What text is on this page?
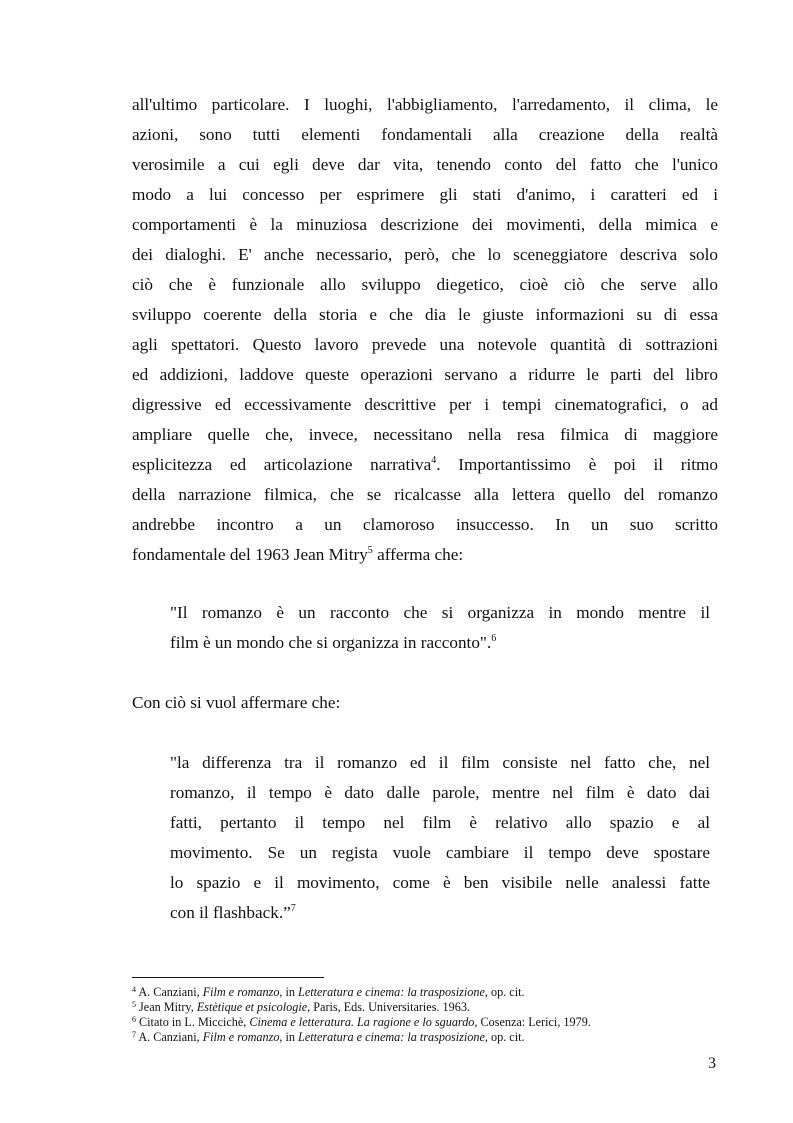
all'ultimo particolare. I luoghi, l'abbigliamento, l'arredamento, il clima, le
azioni, sono tutti elementi fondamentali alla creazione della realtà
verosimile a cui egli deve dar vita, tenendo conto del fatto che l'unico
modo a lui concesso per esprimere gli stati d'animo, i caratteri ed i
comportamenti è la minuziosa descrizione dei movimenti, della mimica e
dei dialoghi. E' anche necessario, però, che lo sceneggiatore descriva solo
ciò che è funzionale allo sviluppo diegetico, cioè ciò che serve allo
sviluppo coerente della storia e che dia le giuste informazioni su di essa
agli spettatori. Questo lavoro prevede una notevole quantità di sottrazioni
ed addizioni, laddove queste operazioni servano a ridurre le parti del libro
digressive ed eccessivamente descrittive per i tempi cinematografici, o ad
ampliare quelle che, invece, necessitano nella resa filmica di maggiore
esplicitezza ed articolazione narrativa$^4$. Importantissimo è poi il ritmo
della narrazione filmica, che se ricalcasse alla lettera quello del romanzo
andrebbe incontro a un clamoroso insuccesso. In un suo scritto
fondamentale del 1963 Jean Mitry$^5$ afferma che:
"Il romanzo è un racconto che si organizza in mondo mentre il
film è un mondo che si organizza in racconto".$^6$
Con ciò si vuol affermare che:
"la differenza tra il romanzo ed il film consiste nel fatto che, nel
romanzo, il tempo è dato dalle parole, mentre nel film è dato dai
fatti, pertanto il tempo nel film è relativo allo spazio e al
movimento. Se un regista vuole cambiare il tempo deve spostare
lo spazio e il movimento, come è ben visibile nelle analessi fatte
con il flashback.”$^7$
$^4$ A. Canziani, Film e romanzo, in Letteratura e cinema: la trasposizione, op. cit.
$^5$ Jean Mitry, Estètique et psicologie, Paris, Eds. Universitaries. 1963.
$^6$ Citato in L. Miccichè, Cinema e letteratura. La ragione e lo sguardo, Cosenza: Lerici, 1979.
$^7$ A. Canziani, Film e romanzo, in Letteratura e cinema: la trasposizione, op. cit.
3
